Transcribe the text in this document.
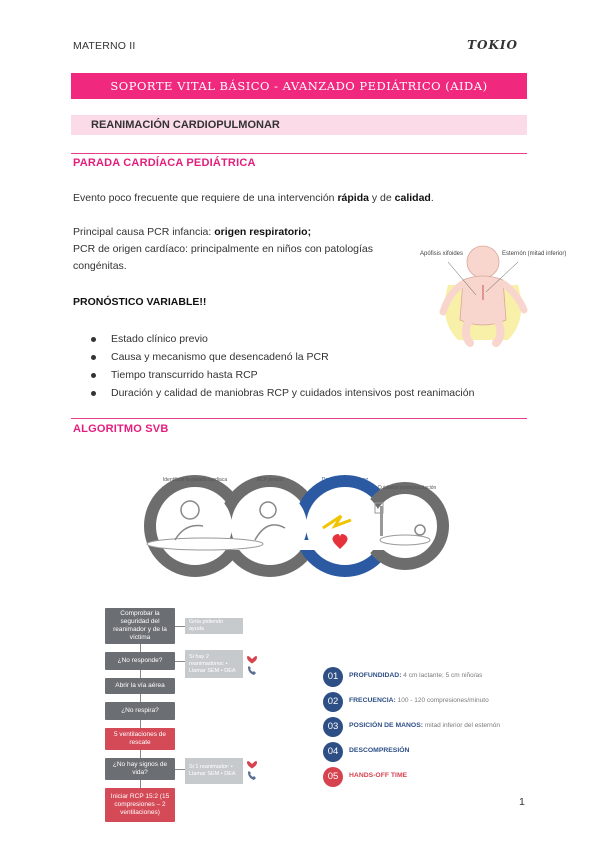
MATERNO II	TOKIO
SOPORTE VITAL BÁSICO - AVANZADO PEDIÁTRICO (AIDA)
REANIMACIÓN CARDIOPULMONAR
PARADA CARDÍACA PEDIÁTRICA
Evento poco frecuente que requiere de una intervención rápida y de calidad.
Principal causa PCR infancia: origen respiratorio;
PCR de origen cardíaco: principalmente en niños con patologías
congénitas.
PRONÓSTICO VARIABLE!!
Estado clínico previo
Causa y mecanismo que desencadenó la PCR
Tiempo transcurrido hasta RCP
Duración y calidad de maniobras RCP y cuidados intensivos post reanimación
Apófisis xifoides	Esternón (mitad inferior)
ALGORITMO SVB
Identificar la parada cardiaca	RCP precoz	Desfibrilación precoz
Cuidados postresucitación
Comprobar la seguridad del reanimador y de la víctima
¿No responde?
Abrir la vía aérea
¿No respira?
5 ventilaciones de rescate
¿No hay signos de vida?
Iniciar RCP 15:2 (15 compresiones – 2 ventilaciones)
Grita pidiendo ayuda
Si hay 2 reanimadores: • Llamar SEM • DEA
Si 1 reanimador: • Llamar SEM • DEA
01	PROFUNDIDAD: 4 cm lactante; 5 cm niño/as
02	FRECUENCIA: 100 - 120 compresiones/minuto
03	POSICIÓN DE MANOS: mitad inferior del esternón
04	DESCOMPRESIÓN
05	HANDS-OFF TIME
1
